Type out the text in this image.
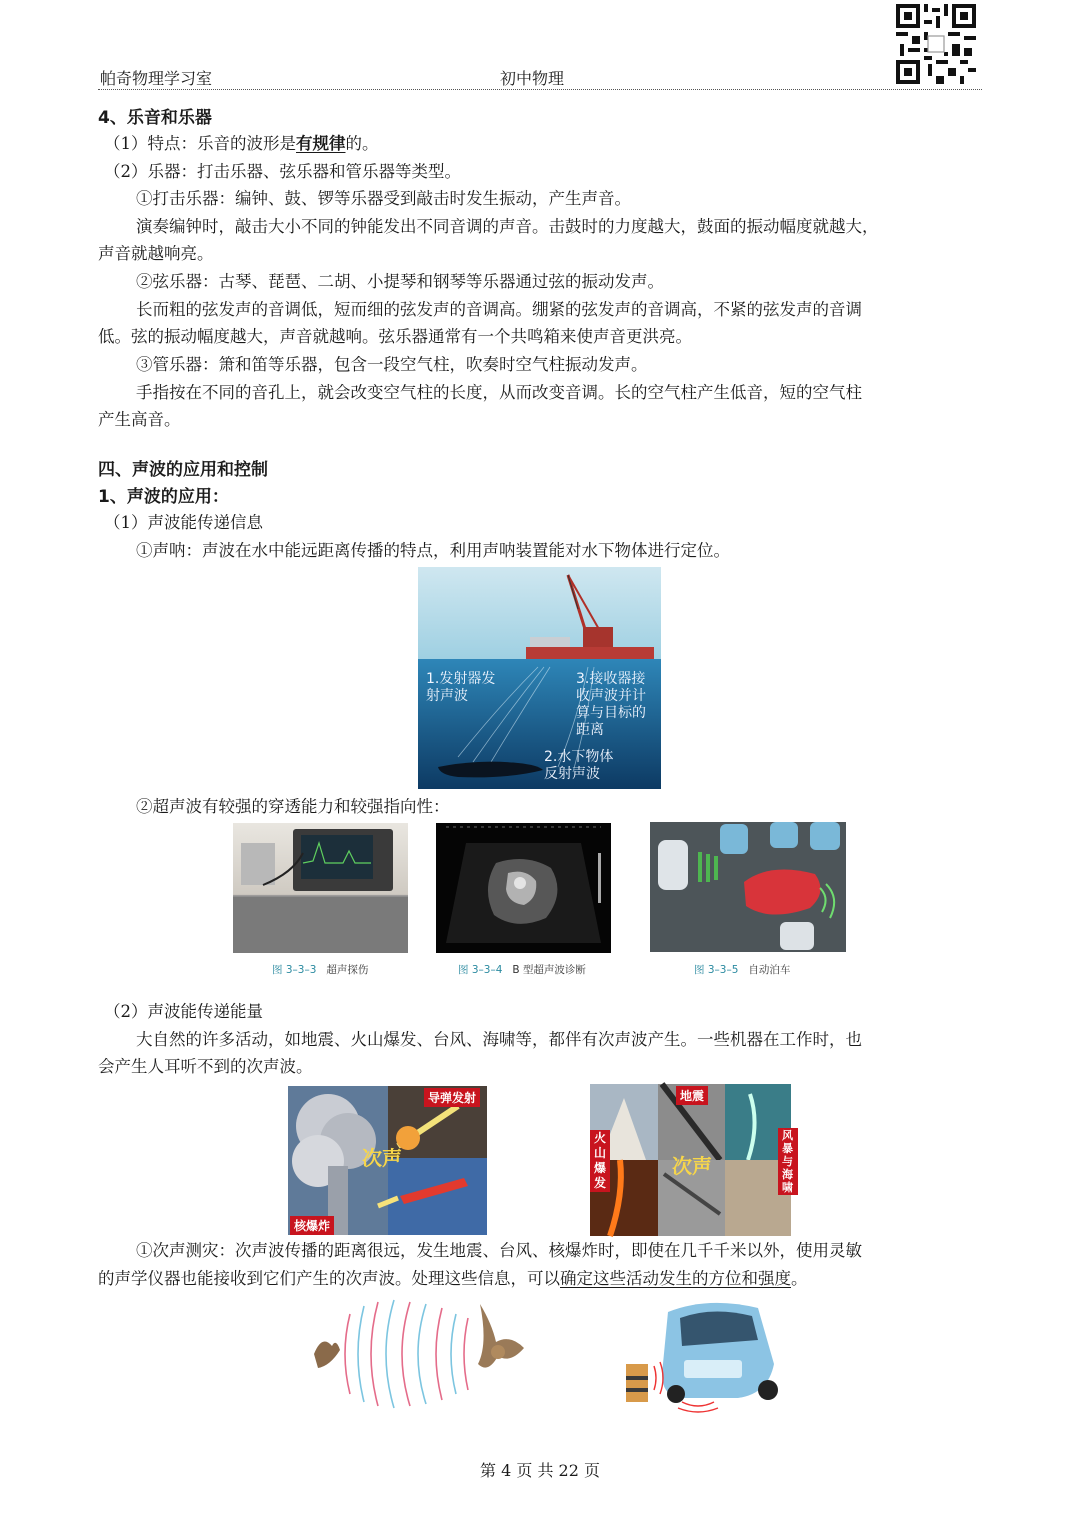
帕奇物理学习室	初中物理
4、乐音和乐器
（1）特点：乐音的波形是有规律的。
（2）乐器：打击乐器、弦乐器和管乐器等类型。
①打击乐器：编钟、鼓、锣等乐器受到敲击时发生振动，产生声音。
演奏编钟时，敲击大小不同的钟能发出不同音调的声音。击鼓时的力度越大，鼓面的振动幅度就越大，
声音就越响亮。
②弦乐器：古琴、琵琶、二胡、小提琴和钢琴等乐器通过弦的振动发声。
长而粗的弦发声的音调低，短而细的弦发声的音调高。绷紧的弦发声的音调高，不紧的弦发声的音调
低。弦的振动幅度越大，声音就越响。弦乐器通常有一个共鸣箱来使声音更洪亮。
③管乐器：箫和笛等乐器，包含一段空气柱，吹奏时空气柱振动发声。
手指按在不同的音孔上，就会改变空气柱的长度，从而改变音调。长的空气柱产生低音，短的空气柱
产生高音。
四、声波的应用和控制
1、声波的应用：
（1）声波能传递信息
①声呐：声波在水中能远距离传播的特点，利用声呐装置能对水下物体进行定位。
1.发射器发射声波
3.接收器接收声波并计算与目标的距离
2.水下物体反射声波
②超声波有较强的穿透能力和较强指向性：
图 3–3–3 超声探伤	图 3–3–4 B 型超声波诊断	图 3–3–5 自动泊车
（2）声波能传递能量
大自然的许多活动，如地震、火山爆发、台风、海啸等，都伴有次声波产生。一些机器在工作时，也
会产生人耳听不到的次声波。
导弹发射
次声
核爆炸
地震
火山爆发
次声
风暴与海啸
①次声测灾：次声波传播的距离很远，发生地震、台风、核爆炸时，即使在几千千米以外，使用灵敏
的声学仪器也能接收到它们产生的次声波。处理这些信息，可以确定这些活动发生的方位和强度。
第 4 页 共 22 页
